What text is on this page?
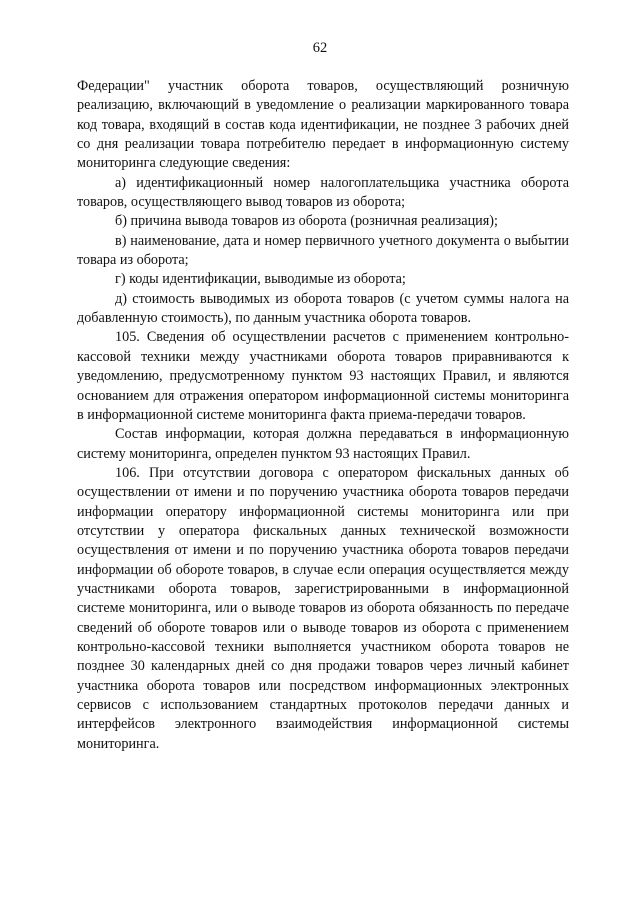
62

Федерации" участник оборота товаров, осуществляющий розничную реализацию, включающий в уведомление о реализации маркированного товара код товара, входящий в состав кода идентификации, не позднее 3 рабочих дней со дня реализации товара потребителю передает в информационную систему мониторинга следующие сведения:

а) идентификационный номер налогоплательщика участника оборота товаров, осуществляющего вывод товаров из оборота;

б) причина вывода товаров из оборота (розничная реализация);

в) наименование, дата и номер первичного учетного документа о выбытии товара из оборота;

г) коды идентификации, выводимые из оборота;

д) стоимость выводимых из оборота товаров (с учетом суммы налога на добавленную стоимость), по данным участника оборота товаров.

105. Сведения об осуществлении расчетов с применением контрольно-кассовой техники между участниками оборота товаров приравниваются к уведомлению, предусмотренному пунктом 93 настоящих Правил, и являются основанием для отражения оператором информационной системы мониторинга в информационной системе мониторинга факта приема-передачи товаров.

Состав информации, которая должна передаваться в информационную систему мониторинга, определен пунктом 93 настоящих Правил.

106. При отсутствии договора с оператором фискальных данных об осуществлении от имени и по поручению участника оборота товаров передачи информации оператору информационной системы мониторинга или при отсутствии у оператора фискальных данных технической возможности осуществления от имени и по поручению участника оборота товаров передачи информации об обороте товаров, в случае если операция осуществляется между участниками оборота товаров, зарегистрированными в информационной системе мониторинга, или о выводе товаров из оборота обязанность по передаче сведений об обороте товаров или о выводе товаров из оборота с применением контрольно-кассовой техники выполняется участником оборота товаров не позднее 30 календарных дней со дня продажи товаров через личный кабинет участника оборота товаров или посредством информационных электронных сервисов с использованием стандартных протоколов передачи данных и интерфейсов электронного взаимодействия информационной системы мониторинга.
